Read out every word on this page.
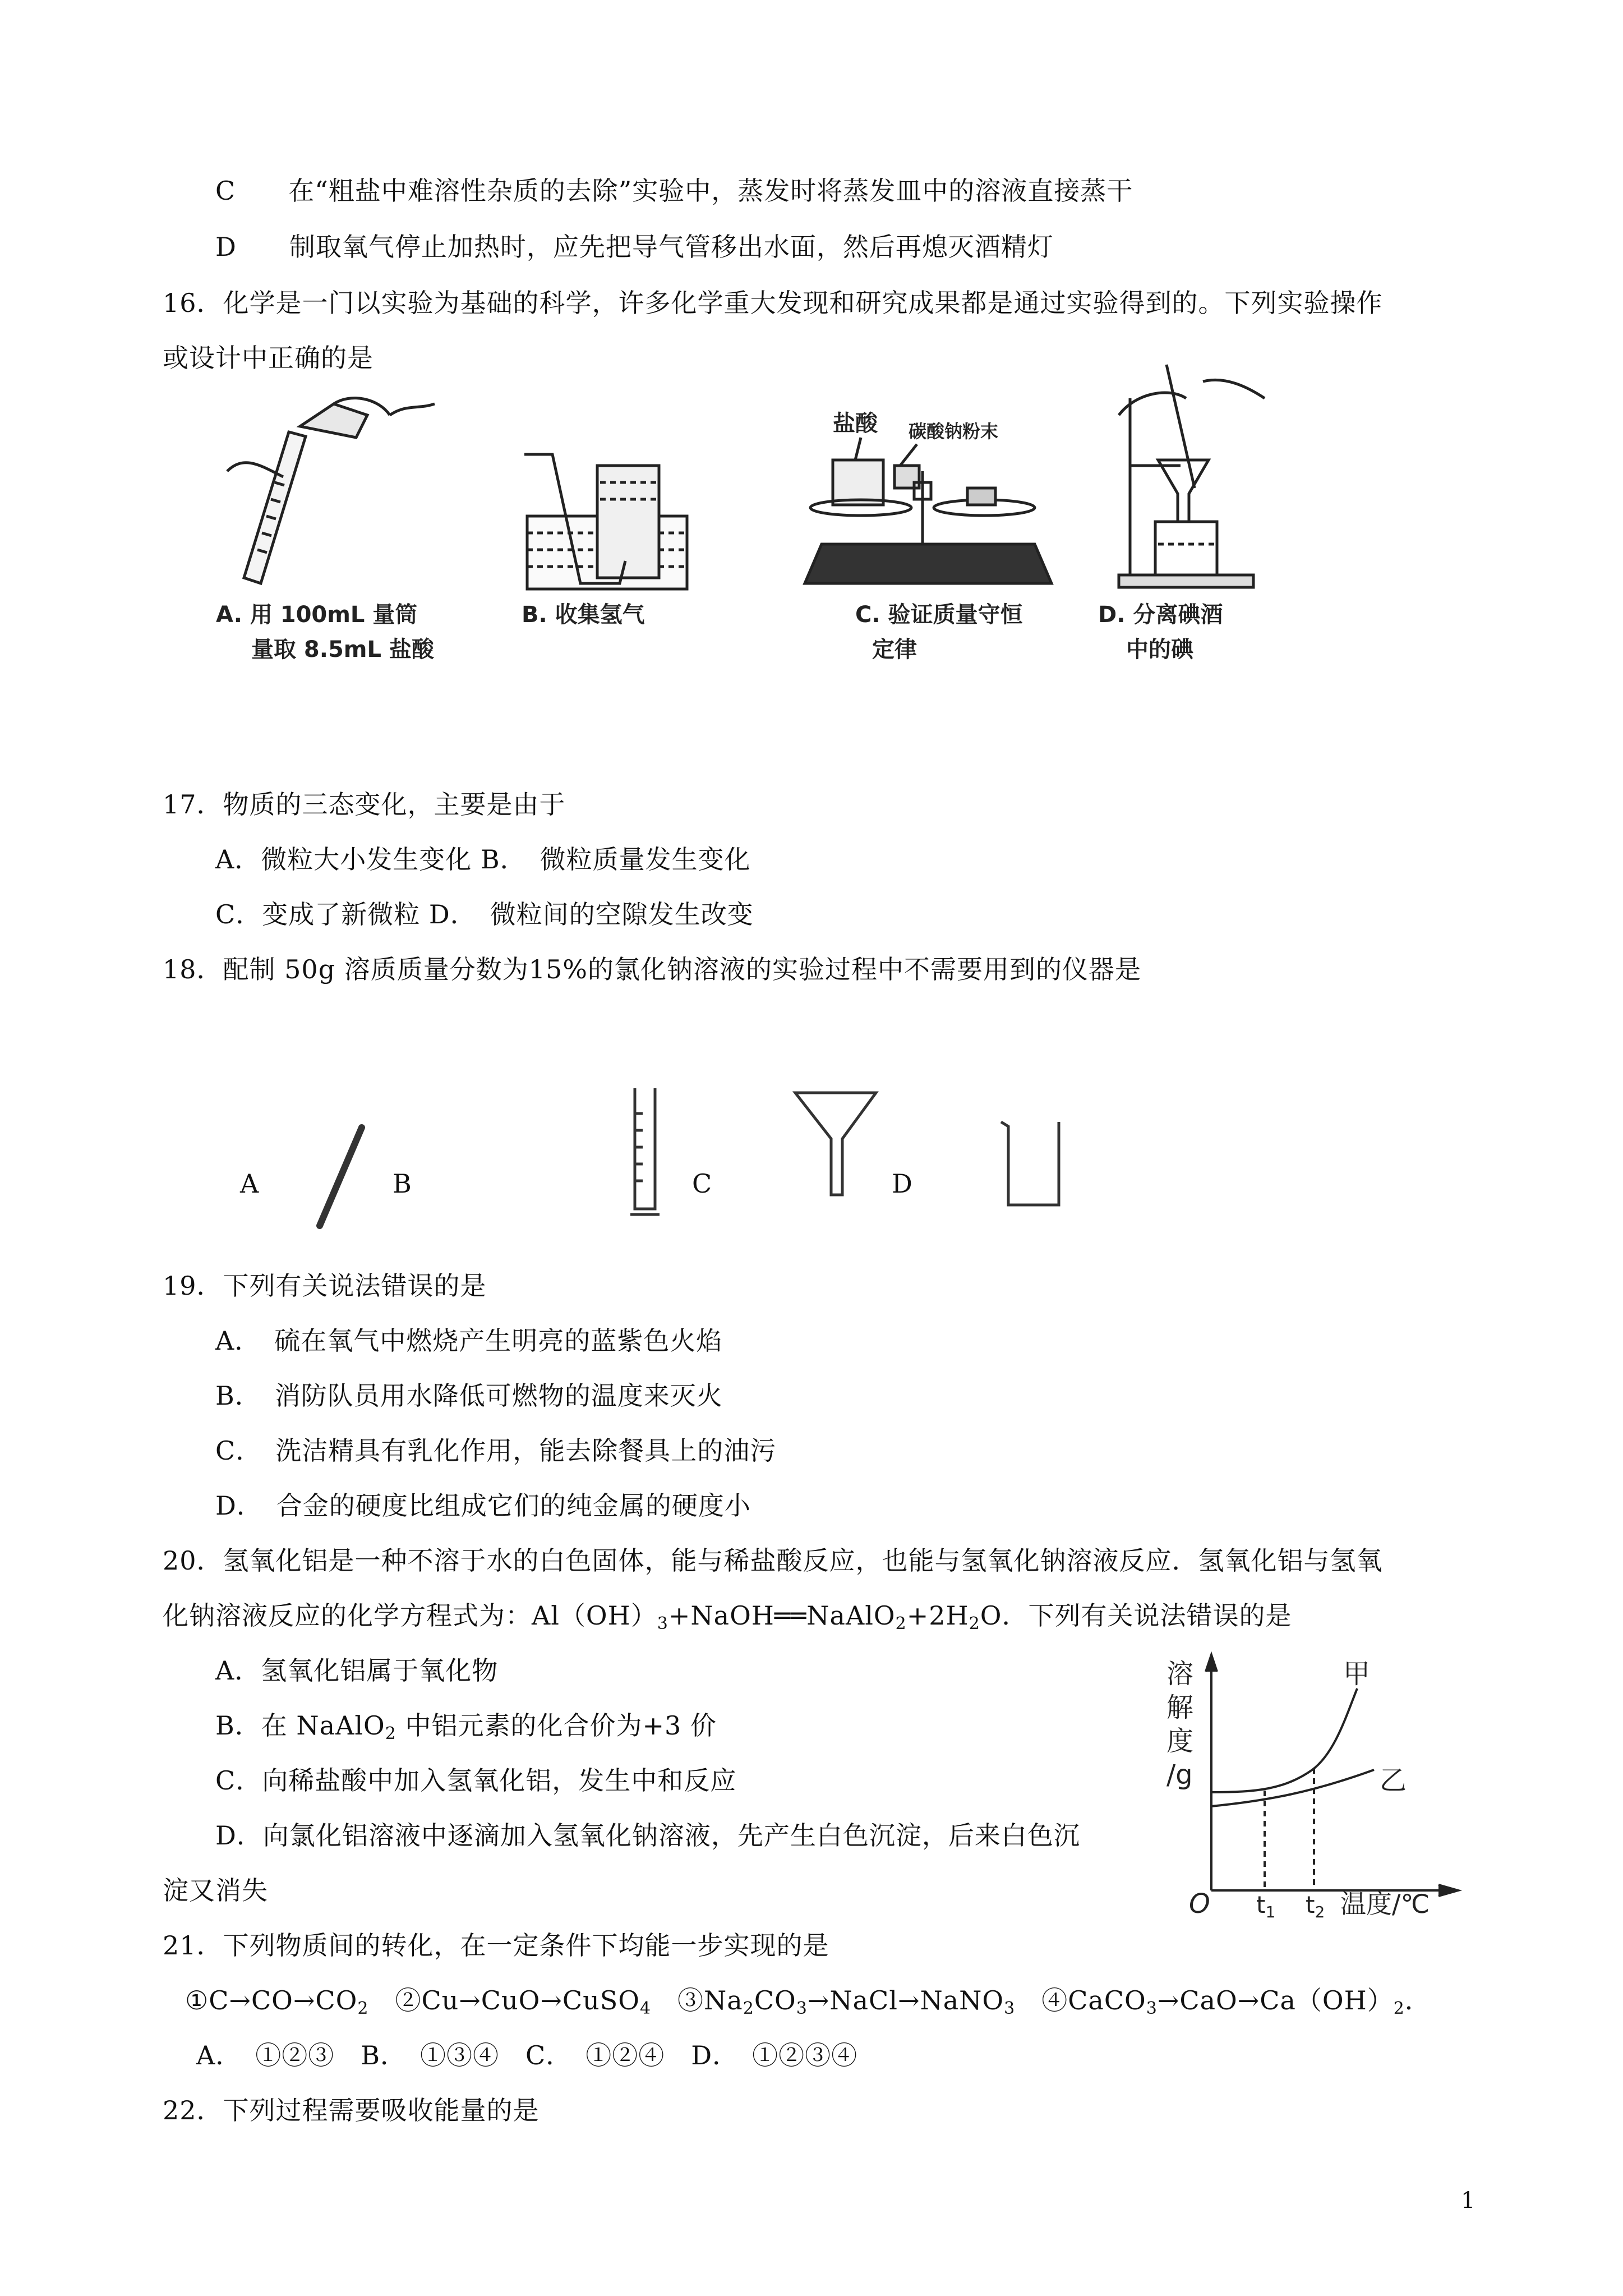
C　　在“粗盐中难溶性杂质的去除”实验中，蒸发时将蒸发皿中的溶液直接蒸干
D　　制取氧气停止加热时，应先把导气管移出水面，然后再熄灭酒精灯
16．化学是一门以实验为基础的科学，许多化学重大发现和研究成果都是通过实验得到的。下列实验操作
或设计中正确的是
A. 用 100mL 量筒
量取 8.5mL 盐酸
B. 收集氢气
盐酸 碳酸钠粉末
C. 验证质量守恒
定律
D. 分离碘酒
中的碘
17．物质的三态变化，主要是由于
A．微粒大小发生变化 B．　微粒质量发生变化
C．变成了新微粒 D．　微粒间的空隙发生改变
18．配制 50g 溶质质量分数为15%的氯化钠溶液的实验过程中不需要用到的仪器是
A	B	C	D
19．下列有关说法错误的是
A．　硫在氧气中燃烧产生明亮的蓝紫色火焰
B．　消防队员用水降低可燃物的温度来灭火
C．　洗洁精具有乳化作用，能去除餐具上的油污
D．　合金的硬度比组成它们的纯金属的硬度小
20．氢氧化铝是一种不溶于水的白色固体，能与稀盐酸反应，也能与氢氧化钠溶液反应．氢氧化铝与氢氧
化钠溶液反应的化学方程式为：$Al(OH)_3+NaOH══NaAlO_2+2H_2O$．下列有关说法错误的是
A．氢氧化铝属于氧化物
B．在 NaAlO$_2$ 中铝元素的化合价为+3 价
C．向稀盐酸中加入氢氧化铝，发生中和反应
D．向氯化铝溶液中逐滴加入氢氧化钠溶液，先产生白色沉淀，后来白色沉
淀又消失
溶
解
度
/g
甲
乙
O t1 t2 温度/℃
21．下列物质间的转化，在一定条件下均能一步实现的是
$①C\to CO\to CO_2$　②Cu→CuO→CuSO$_4$　$③Na_2CO_3\to NaCl\to NaNO_3$　$④CaCO_3\to CaO\to Ca(OH)_2$．
A．　①②③　B．　①③④　C．　①②④　D．　①②③④
22．下列过程需要吸收能量的是
1
